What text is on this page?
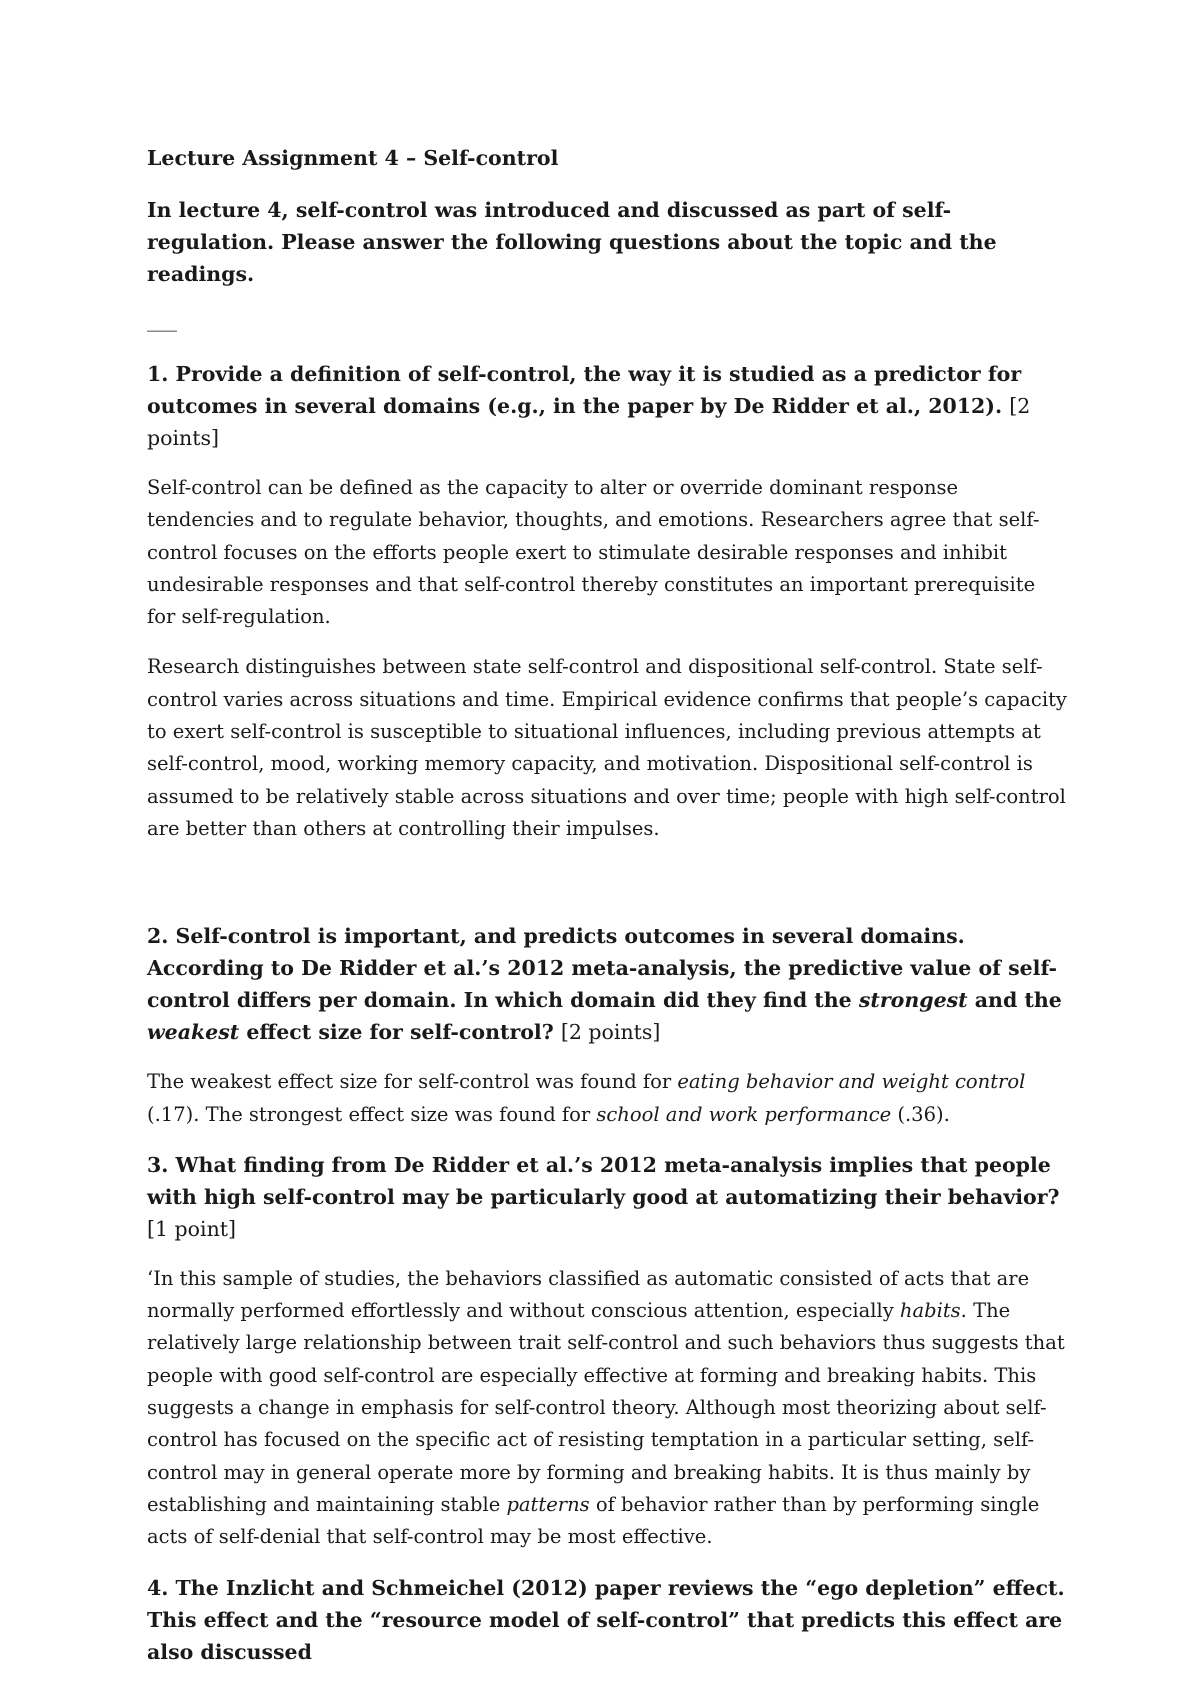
Lecture Assignment 4 – Self-control

In lecture 4, self-control was introduced and discussed as part of self-regulation. Please answer the following questions about the topic and the readings.

___

1. Provide a definition of self-control, the way it is studied as a predictor for outcomes in several domains (e.g., in the paper by De Ridder et al., 2012). [2 points]

Self-control can be defined as the capacity to alter or override dominant response tendencies and to regulate behavior, thoughts, and emotions. Researchers agree that self-control focuses on the efforts people exert to stimulate desirable responses and inhibit undesirable responses and that self-control thereby constitutes an important prerequisite for self-regulation.

Research distinguishes between state self-control and dispositional self-control. State self-control varies across situations and time. Empirical evidence confirms that people’s capacity to exert self-control is susceptible to situational influences, including previous attempts at self-control, mood, working memory capacity, and motivation. Dispositional self-control is assumed to be relatively stable across situations and over time; people with high self-control are better than others at controlling their impulses.

2. Self-control is important, and predicts outcomes in several domains. According to De Ridder et al.’s 2012 meta-analysis, the predictive value of self-control differs per domain. In which domain did they find the strongest and the weakest effect size for self-control? [2 points]

The weakest effect size for self-control was found for eating behavior and weight control (.17). The strongest effect size was found for school and work performance (.36).

3. What finding from De Ridder et al.’s 2012 meta-analysis implies that people with high self-control may be particularly good at automatizing their behavior?  [1 point]

‘In this sample of studies, the behaviors classified as automatic consisted of acts that are normally performed effortlessly and without conscious attention, especially habits. The relatively large relationship between trait self-control and such behaviors thus suggests that people with good self-control are especially effective at forming and breaking habits. This suggests a change in emphasis for self-control theory. Although most theorizing about self-control has focused on the specific act of resisting temptation in a particular setting, self-control may in general operate more by forming and breaking habits. It is thus mainly by establishing and maintaining stable patterns of behavior rather than by performing single acts of self-denial that self-control may be most effective.

4. The Inzlicht and Schmeichel (2012) paper reviews the “ego depletion” effect. This effect and the “resource model of self-control” that predicts this effect are also discussed
